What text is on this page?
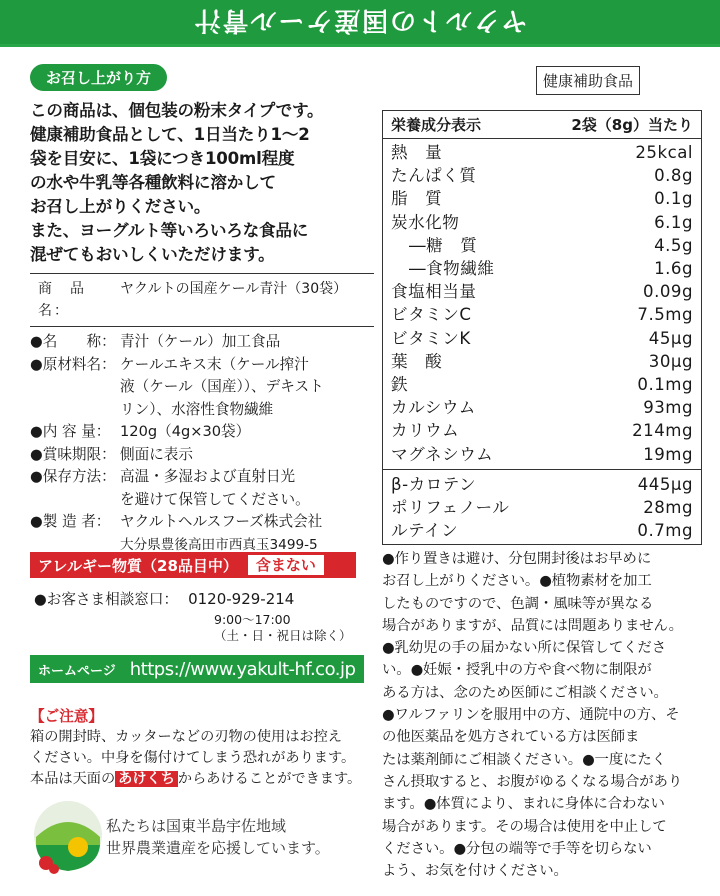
ヤクルトの国産ケール青汁
お召し上がり方
この商品は、個包装の粉末タイプです。
健康補助食品として、1日当たり1～2
袋を目安に、1袋につき100ml程度
の水や牛乳等各種飲料に溶かして
お召し上がりください。
また、ヨーグルト等いろいろな食品に
混ぜてもおいしくいただけます。
商　品　名：
ヤクルトの国産ケール青汁（30袋）
●名　　称： 青汁（ケール）加工食品
●原材料名： ケールエキス末（ケール搾汁
液（ケール（国産））、デキスト
リン）、水溶性食物繊維
●内 容 量： 120g（4g×30袋）
●賞味期限： 側面に表示
●保存方法： 高温・多湿および直射日光
を避けて保管してください。
●製 造 者： ヤクルトヘルスフーズ株式会社
大分県豊後高田市西真玉3499-5
アレルギー物質（28品目中）	含まない
●お客さま相談窓口： 0120-929-214
9:00～17:00
（土・日・祝日は除く）
ホームページ https://www.yakult-hf.co.jp
【ご注意】
箱の開封時、カッターなどの刃物の使用はお控え
ください。中身を傷付けてしまう恐れがあります。
本品は天面の あけくち からあけることができます。
私たちは国東半島宇佐地域
世界農業遺産を応援しています。
健康補助食品
栄養成分表示	2袋（8g）当たり
熱　量	25kcal
たんぱく質	0.8g
脂　質	0.1g
炭水化物	6.1g
―糖　質	4.5g
―食物繊維	1.6g
食塩相当量	0.09g
ビタミンC	7.5mg
ビタミンK	45μg
葉　酸	30μg
鉄	0.1mg
カルシウム	93mg
カリウム	214mg
マグネシウム	19mg
β-カロテン	445μg
ポリフェノール	28mg
ルテイン	0.7mg
●作り置きは避け、分包開封後はお早めに
お召し上がりください。●植物素材を加工
したものですので、色調・風味等が異なる
場合がありますが、品質には問題ありません。
●乳幼児の手の届かない所に保管してくださ
い。●妊娠・授乳中の方や食べ物に制限が
ある方は、念のため医師にご相談ください。
●ワルファリンを服用中の方、通院中の方、そ
の他医薬品を処方されている方は医師ま
たは薬剤師にご相談ください。●一度にたく
さん摂取すると、お腹がゆるくなる場合があり
ます。●体質により、まれに身体に合わない
場合があります。その場合は使用を中止して
ください。●分包の端等で手等を切らない
よう、お気を付けください。
